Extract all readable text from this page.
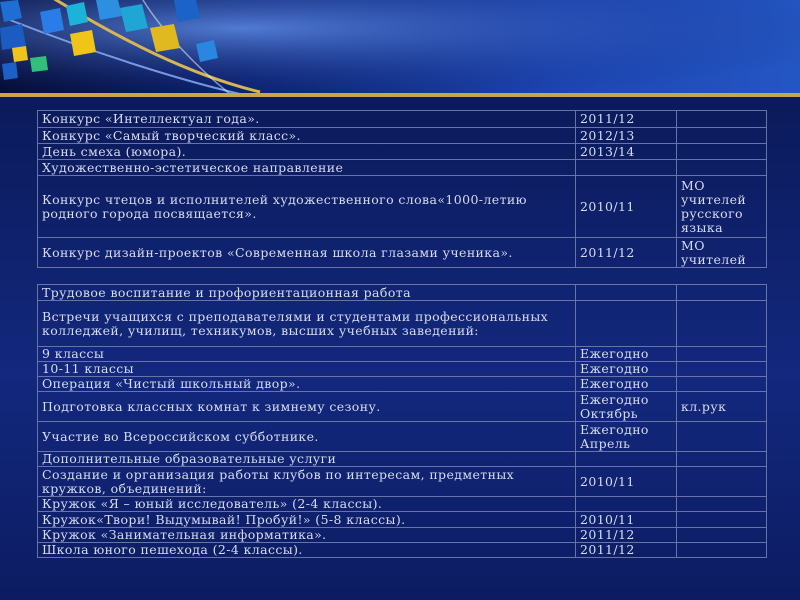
Конкурс «Интеллектуал года».	2011/12	
Конкурс «Самый творческий класс».	2012/13	
День смеха (юмора).	2013/14	
Художественно-эстетическое направление		
Конкурс чтецов и исполнителей художественного слова«1000-летию родного города посвящается».	2010/11	МО учителей русского языка
Конкурс дизайн-проектов «Современная школа глазами ученика».	2011/12	МО учителей
Трудовое воспитание и профориентационная работа		
Встречи учащихся с преподавателями и студентами профессиональных колледжей, училищ, техникумов, высших учебных заведений:		
9 классы	Ежегодно	
10-11 классы	Ежегодно	
Операция «Чистый школьный двор».	Ежегодно	
Подготовка классных комнат к зимнему сезону.	Ежегодно Октябрь	кл.рук
Участие во Всероссийском субботнике.	Ежегодно Апрель	
Дополнительные образовательные услуги		
Создание и организация работы клубов по интересам, предметных кружков, объединений:	2010/11	
Кружок «Я – юный исследователь» (2-4 классы).		
Кружок«Твори! Выдумывай! Пробуй!» (5-8 классы).	2010/11	
Кружок «Занимательная информатика».	2011/12	
Школа юного пешехода (2-4 классы).	2011/12	
